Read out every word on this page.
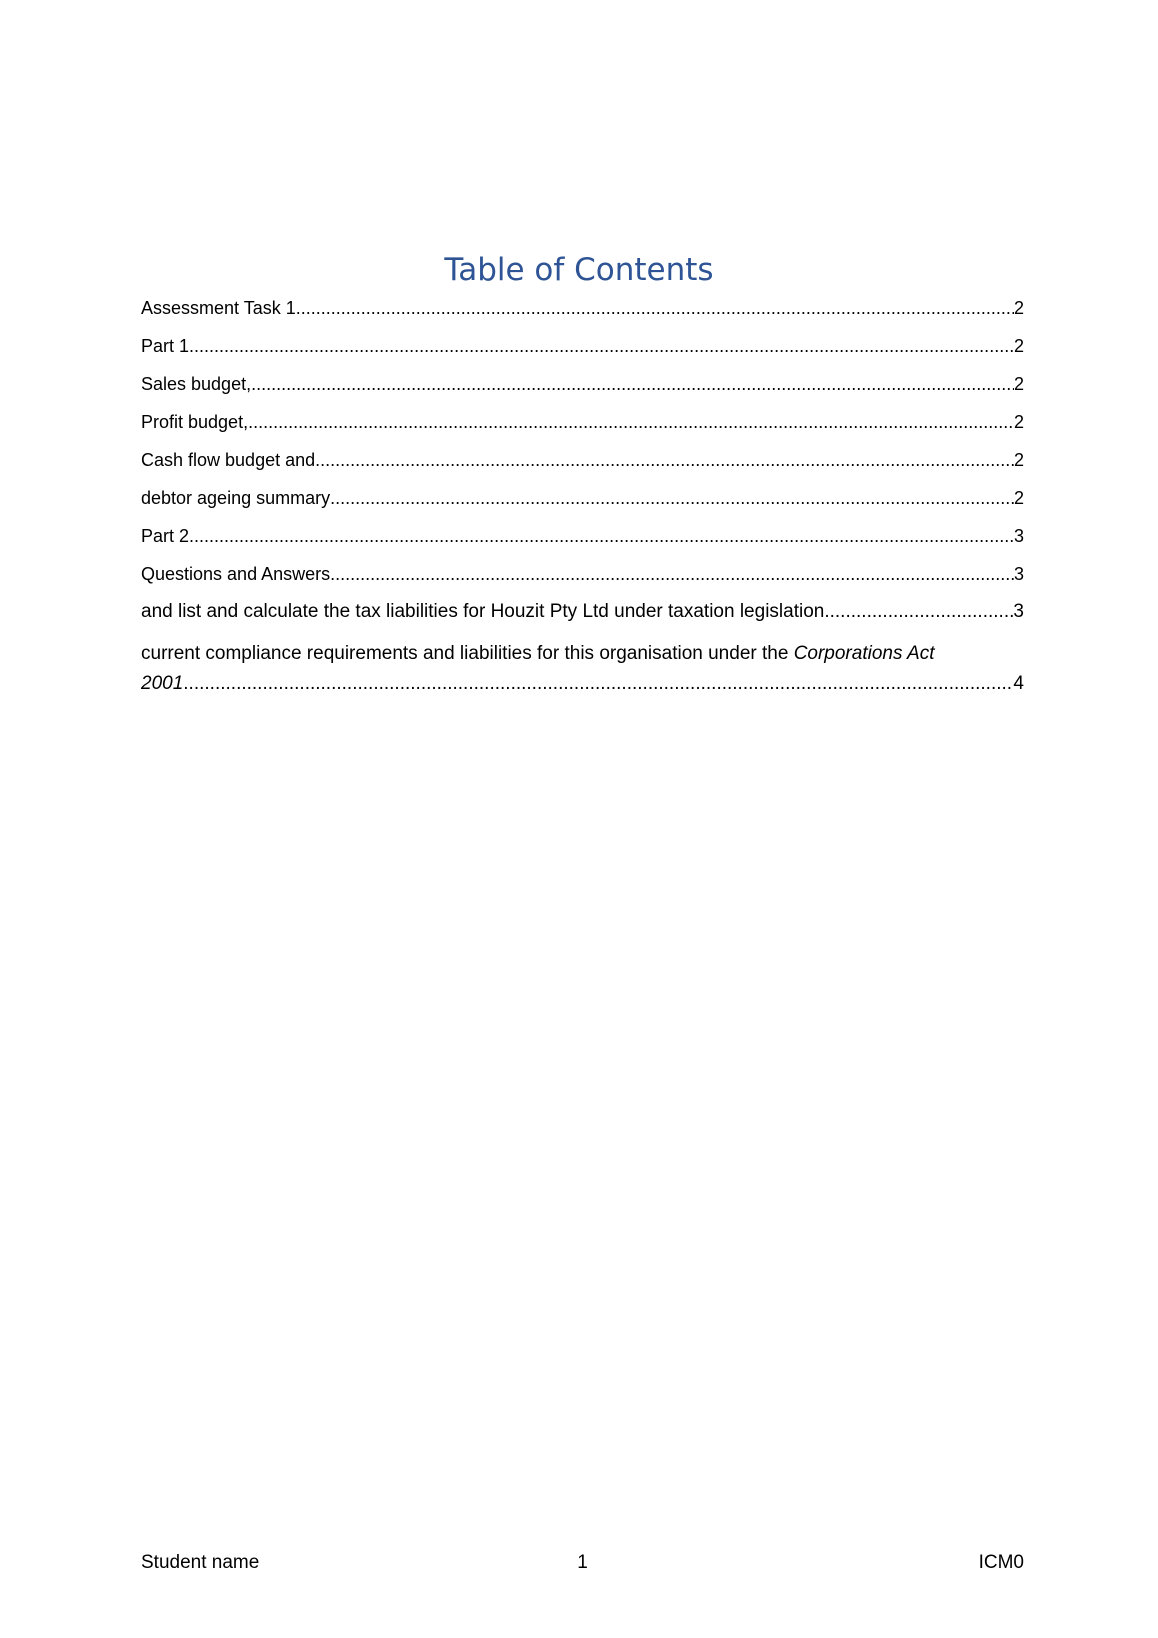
Table of Contents
Assessment Task 1 .....	2
Part 1 .....	2
Sales budget, .....	2
Profit budget, .....	2
Cash flow budget and .....	2
debtor ageing summary .....	2
Part 2 .....	3
Questions and Answers .....	3
and list and calculate the tax liabilities for Houzit Pty Ltd under taxation legislation .....	3
current compliance requirements and liabilities for this organisation under the Corporations Act
2001 .....	4
Student name	1	ICM0
